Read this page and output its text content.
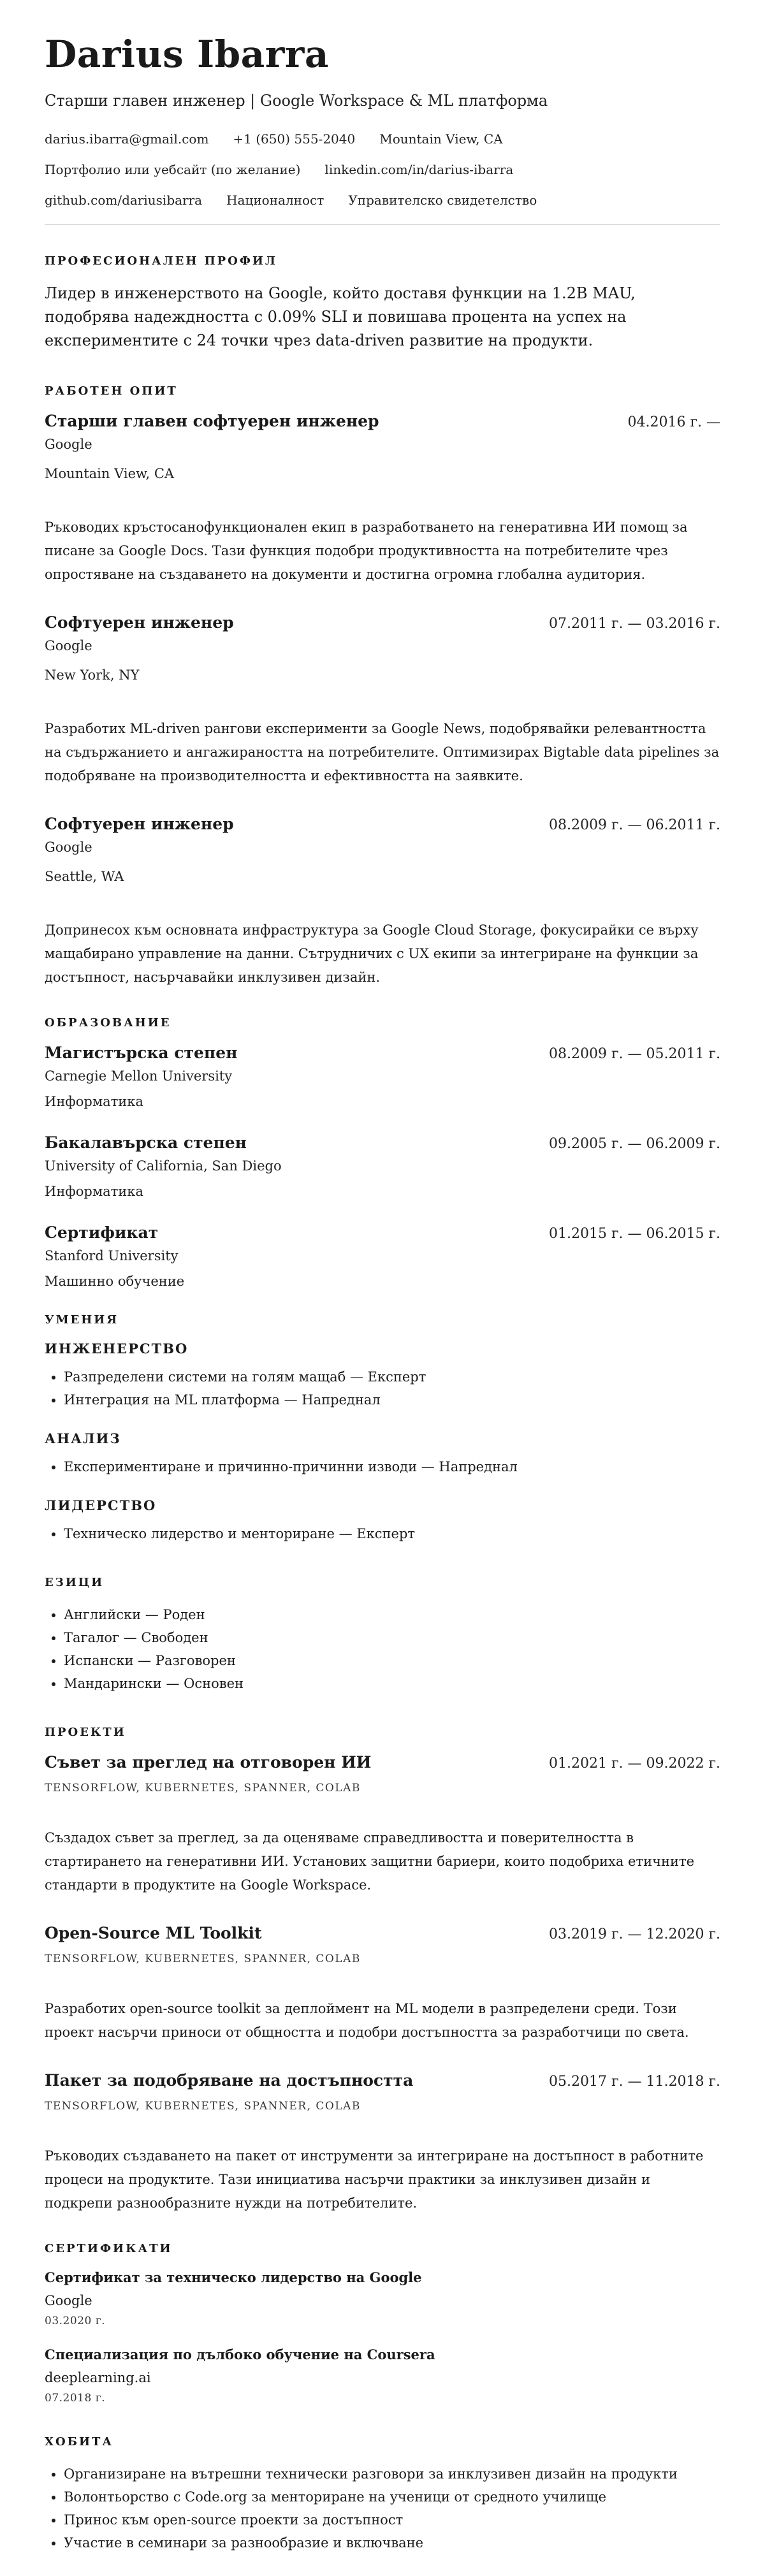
Darius Ibarra
Старши главен инженер | Google Workspace & ML платформа
darius.ibarra@gmail.com +1 (650) 555-2040 Mountain View, CA
Портфолио или уебсайт (по желание) linkedin.com/in/darius-ibarra
github.com/dariusibarra Националност Управителско свидетелство
ПРОФЕСИОНАЛЕН ПРОФИЛ
Лидер в инженерството на Google, който доставя функции на 1.2B MAU, подобрява надеждността с 0.09% SLI и повишава процента на успех на експериментите с 24 точки чрез data-driven развитие на продукти.
РАБОТЕН ОПИТ
Старши главен софтуерен инженер	04.2016 г. —
Google
Mountain View, CA
Ръководих кръстосанофункционален екип в разработването на генеративна ИИ помощ за писане за Google Docs. Тази функция подобри продуктивността на потребителите чрез опростяване на създаването на документи и достигна огромна глобална аудитория.
Софтуерен инженер	07.2011 г. — 03.2016 г.
Google
New York, NY
Разработих ML-driven рангови експерименти за Google News, подобрявайки релевантността на съдържанието и ангажираността на потребителите. Оптимизирах Bigtable data pipelines за подобряване на производителността и ефективността на заявките.
Софтуерен инженер	08.2009 г. — 06.2011 г.
Google
Seattle, WA
Допринесох към основната инфраструктура за Google Cloud Storage, фокусирайки се върху мащабирано управление на данни. Сътрудничих с UX екипи за интегриране на функции за достъпност, насърчавайки инклузивен дизайн.
ОБРАЗОВАНИЕ
Магистърска степен	08.2009 г. — 05.2011 г.
Carnegie Mellon University
Информатика
Бакалавърска степен	09.2005 г. — 06.2009 г.
University of California, San Diego
Информатика
Сертификат	01.2015 г. — 06.2015 г.
Stanford University
Машинно обучение
УМЕНИЯ
ИНЖЕНЕРСТВО
• Разпределени системи на голям мащаб — Експерт
• Интеграция на ML платформа — Напреднал
АНАЛИЗ
• Експериментиране и причинно-причинни изводи — Напреднал
ЛИДЕРСТВО
• Техническо лидерство и менториране — Експерт
ЕЗИЦИ
• Английски — Роден
• Тагалог — Свободен
• Испански — Разговорен
• Мандарински — Основен
ПРОЕКТИ
Съвет за преглед на отговорен ИИ	01.2021 г. — 09.2022 г.
TENSORFLOW, KUBERNETES, SPANNER, COLAB
Създадох съвет за преглед, за да оценяваме справедливостта и поверителността в стартирането на генеративни ИИ. Установих защитни бариери, които подобриха етичните стандарти в продуктите на Google Workspace.
Open-Source ML Toolkit	03.2019 г. — 12.2020 г.
TENSORFLOW, KUBERNETES, SPANNER, COLAB
Разработих open-source toolkit за деплоймент на ML модели в разпределени среди. Този проект насърчи приноси от общността и подобри достъпността за разработчици по света.
Пакет за подобряване на достъпността	05.2017 г. — 11.2018 г.
TENSORFLOW, KUBERNETES, SPANNER, COLAB
Ръководих създаването на пакет от инструменти за интегриране на достъпност в работните процеси на продуктите. Тази инициатива насърчи практики за инклузивен дизайн и подкрепи разнообразните нужди на потребителите.
СЕРТИФИКАТИ
Сертификат за техническо лидерство на Google
Google
03.2020 г.
Специализация по дълбоко обучение на Coursera
deeplearning.ai
07.2018 г.
ХОБИТА
• Организиране на вътрешни технически разговори за инклузивен дизайн на продукти
• Волонтьорство с Code.org за менториране на ученици от средното училище
• Принос към open-source проекти за достъпност
• Участие в семинари за разнообразие и включване
